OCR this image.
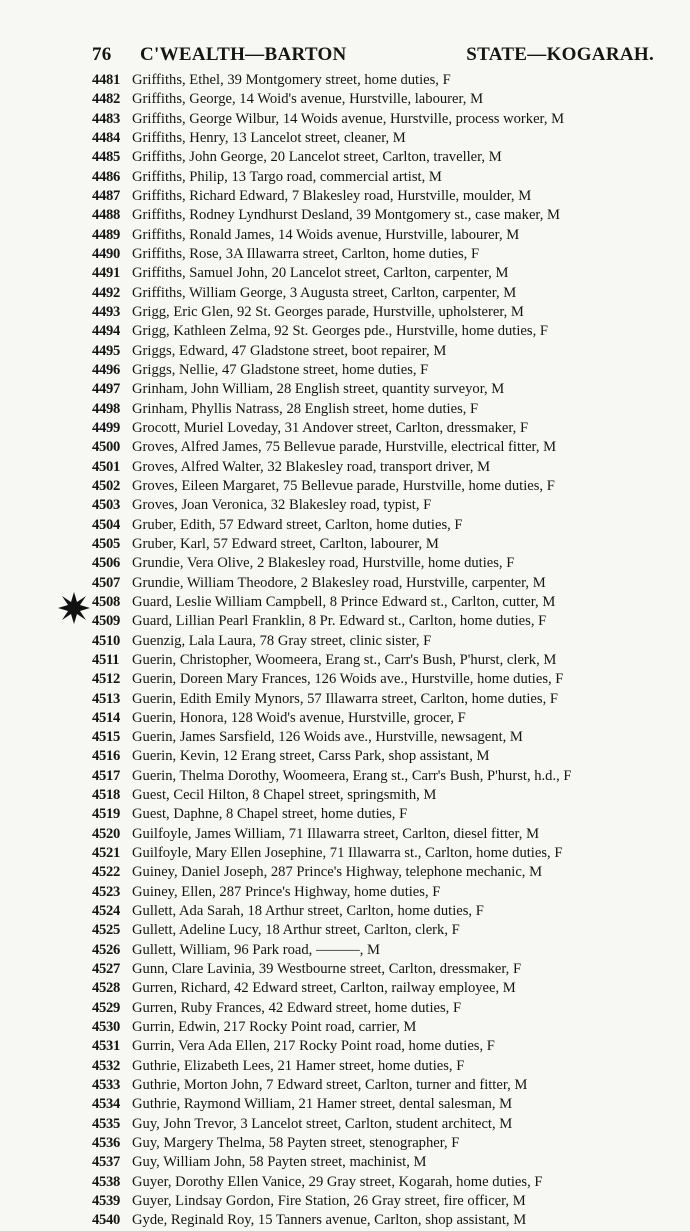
76 C'WEALTH—BARTON	STATE—KOGARAH.
4481 Griffiths, Ethel, 39 Montgomery street, home duties, F
4482 Griffiths, George, 14 Woid's avenue, Hurstville, labourer, M
4483 Griffiths, George Wilbur, 14 Woids avenue, Hurstville, process worker, M
4484 Griffiths, Henry, 13 Lancelot street, cleaner, M
4485 Griffiths, John George, 20 Lancelot street, Carlton, traveller, M
4486 Griffiths, Philip, 13 Targo road, commercial artist, M
4487 Griffiths, Richard Edward, 7 Blakesley road, Hurstville, moulder, M
4488 Griffiths, Rodney Lyndhurst Desland, 39 Montgomery st., case maker, M
4489 Griffiths, Ronald James, 14 Woids avenue, Hurstville, labourer, M
4490 Griffiths, Rose, 3A Illawarra street, Carlton, home duties, F
4491 Griffiths, Samuel John, 20 Lancelot street, Carlton, carpenter, M
4492 Griffiths, William George, 3 Augusta street, Carlton, carpenter, M
4493 Grigg, Eric Glen, 92 St. Georges parade, Hurstville, upholsterer, M
4494 Grigg, Kathleen Zelma, 92 St. Georges pde., Hurstville, home duties, F
4495 Griggs, Edward, 47 Gladstone street, boot repairer, M
4496 Griggs, Nellie, 47 Gladstone street, home duties, F
4497 Grinham, John William, 28 English street, quantity surveyor, M
4498 Grinham, Phyllis Natrass, 28 English street, home duties, F
4499 Grocott, Muriel Loveday, 31 Andover street, Carlton, dressmaker, F
4500 Groves, Alfred James, 75 Bellevue parade, Hurstville, electrical fitter, M
4501 Groves, Alfred Walter, 32 Blakesley road, transport driver, M
4502 Groves, Eileen Margaret, 75 Bellevue parade, Hurstville, home duties, F
4503 Groves, Joan Veronica, 32 Blakesley road, typist, F
4504 Gruber, Edith, 57 Edward street, Carlton, home duties, F
4505 Gruber, Karl, 57 Edward street, Carlton, labourer, M
4506 Grundie, Vera Olive, 2 Blakesley road, Hurstville, home duties, F
4507 Grundie, William Theodore, 2 Blakesley road, Hurstville, carpenter, M
4508 Guard, Leslie William Campbell, 8 Prince Edward st., Carlton, cutter, M
4509 Guard, Lillian Pearl Franklin, 8 Pr. Edward st., Carlton, home duties, F
4510 Guenzig, Lala Laura, 78 Gray street, clinic sister, F
4511 Guerin, Christopher, Woomeera, Erang st., Carr's Bush, P'hurst, clerk, M
4512 Guerin, Doreen Mary Frances, 126 Woids ave., Hurstville, home duties, F
4513 Guerin, Edith Emily Mynors, 57 Illawarra street, Carlton, home duties, F
4514 Guerin, Honora, 128 Woid's avenue, Hurstville, grocer, F
4515 Guerin, James Sarsfield, 126 Woids ave., Hurstville, newsagent, M
4516 Guerin, Kevin, 12 Erang street, Carss Park, shop assistant, M
4517 Guerin, Thelma Dorothy, Woomeera, Erang st., Carr's Bush, P'hurst, h.d., F
4518 Guest, Cecil Hilton, 8 Chapel street, springsmith, M
4519 Guest, Daphne, 8 Chapel street, home duties, F
4520 Guilfoyle, James William, 71 Illawarra street, Carlton, diesel fitter, M
4521 Guilfoyle, Mary Ellen Josephine, 71 Illawarra st., Carlton, home duties, F
4522 Guiney, Daniel Joseph, 287 Prince's Highway, telephone mechanic, M
4523 Guiney, Ellen, 287 Prince's Highway, home duties, F
4524 Gullett, Ada Sarah, 18 Arthur street, Carlton, home duties, F
4525 Gullett, Adeline Lucy, 18 Arthur street, Carlton, clerk, F
4526 Gullett, William, 96 Park road, ———, M
4527 Gunn, Clare Lavinia, 39 Westbourne street, Carlton, dressmaker, F
4528 Gurren, Richard, 42 Edward street, Carlton, railway employee, M
4529 Gurren, Ruby Frances, 42 Edward street, home duties, F
4530 Gurrin, Edwin, 217 Rocky Point road, carrier, M
4531 Gurrin, Vera Ada Ellen, 217 Rocky Point road, home duties, F
4532 Guthrie, Elizabeth Lees, 21 Hamer street, home duties, F
4533 Guthrie, Morton John, 7 Edward street, Carlton, turner and fitter, M
4534 Guthrie, Raymond William, 21 Hamer street, dental salesman, M
4535 Guy, John Trevor, 3 Lancelot street, Carlton, student architect, M
4536 Guy, Margery Thelma, 58 Payten street, stenographer, F
4537 Guy, William John, 58 Payten street, machinist, M
4538 Guyer, Dorothy Ellen Vanice, 29 Gray street, Kogarah, home duties, F
4539 Guyer, Lindsay Gordon, Fire Station, 26 Gray street, fire officer, M
4540 Gyde, Reginald Roy, 15 Tanners avenue, Carlton, shop assistant, M
